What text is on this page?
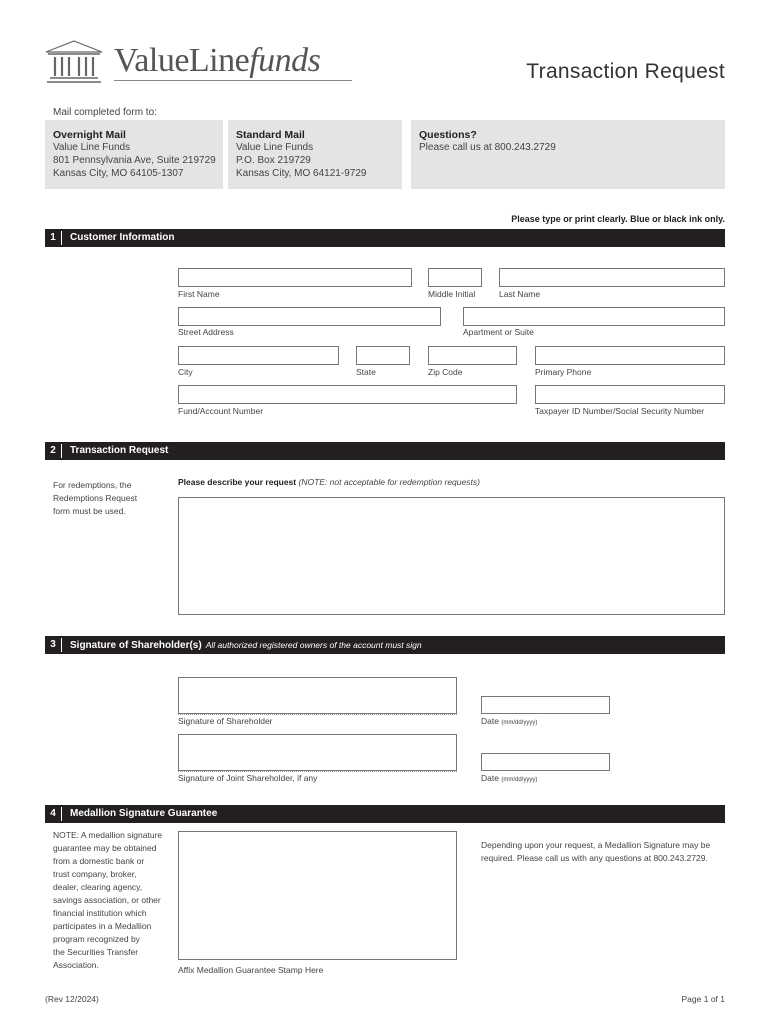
ValueLinefunds	Transaction Request
Mail completed form to:
Overnight Mail
Value Line Funds
801 Pennsylvania Ave, Suite 219729
Kansas City, MO 64105-1307
Standard Mail
Value Line Funds
P.O. Box 219729
Kansas City, MO 64121-9729
Questions?
Please call us at 800.243.2729
Please type or print clearly. Blue or black ink only.
1	Customer Information
First Name	Middle Initial	Last Name
Street Address	Apartment or Suite
City	State	Zip Code	Primary Phone
Fund/Account Number	Taxpayer ID Number/Social Security Number
2	Transaction Request
For redemptions, the
Redemptions Request
form must be used.
Please describe your request (NOTE: not acceptable for redemption requests)
3	Signature of Shareholder(s) All authorized registered owners of the account must sign
Signature of Shareholder	Date (mm/dd/yyyy)
Signature of Joint Shareholder, if any	Date (mm/dd/yyyy)
4	Medallion Signature Guarantee
NOTE: A medallion signature
guarantee may be obtained
from a domestic bank or
trust company, broker,
dealer, clearing agency,
savings association, or other
financial institution which
participates in a Medallion
program recognized by
the Securities Transfer
Association.	Affix Medallion Guarantee Stamp Here
Depending upon your request, a Medallion Signature may be
required. Please call us with any questions at 800.243.2729.
(Rev 12/2024)	Page 1 of 1
